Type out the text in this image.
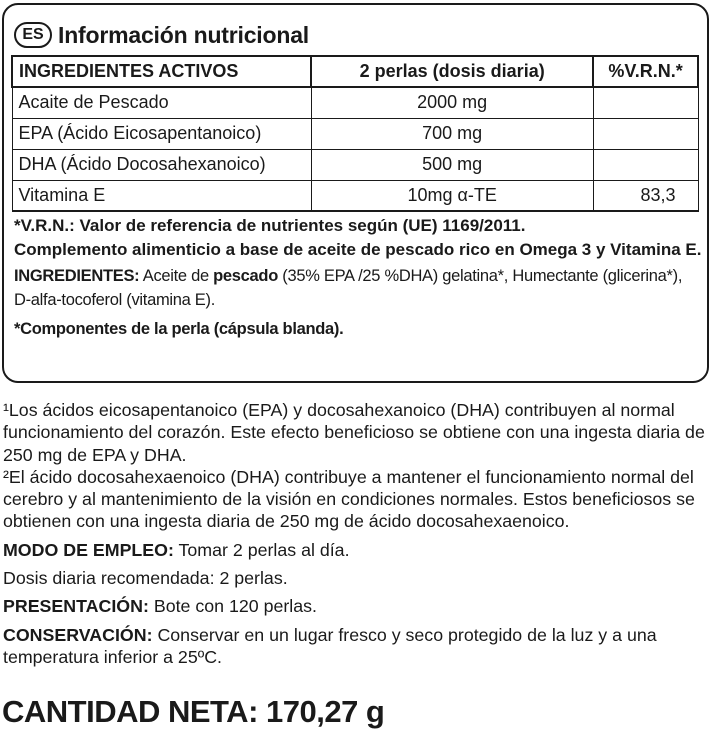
ES Información nutricional
INGREDIENTES ACTIVOS	2 perlas (dosis diaria)	%V.R.N.*
Acaite de Pescado	2000 mg	
EPA (Ácido Eicosapentanoico)	700 mg	
DHA (Ácido Docosahexanoico)	500 mg	
Vitamina E	10mg α-TE	83,3

*V.R.N.: Valor de referencia de nutrientes según (UE) 1169/2011.

Complemento alimenticio a base de aceite de pescado rico en Omega 3 y Vitamina E.

INGREDIENTES: Aceite de pescado (35% EPA /25 %DHA) gelatina*, Humectante (glicerina*), D-alfa-tocoferol (vitamina E).

*Componentes de la perla (cápsula blanda).

¹Los ácidos eicosapentanoico (EPA) y docosahexanoico (DHA) contribuyen al normal funcionamiento del corazón. Este efecto beneficioso se obtiene con una ingesta diaria de 250 mg de EPA y DHA.

²El ácido docosahexaenoico (DHA) contribuye a mantener el funcionamiento normal del cerebro y al mantenimiento de la visión en condiciones normales. Estos beneficiosos se obtienen con una ingesta diaria de 250 mg de ácido docosahexaenoico.

MODO DE EMPLEO: Tomar 2 perlas al día.

Dosis diaria recomendada: 2 perlas.

PRESENTACIÓN: Bote con 120 perlas.

CONSERVACIÓN: Conservar en un lugar fresco y seco protegido de la luz y a una temperatura inferior a 25ºC.

CANTIDAD NETA: 170,27 g
